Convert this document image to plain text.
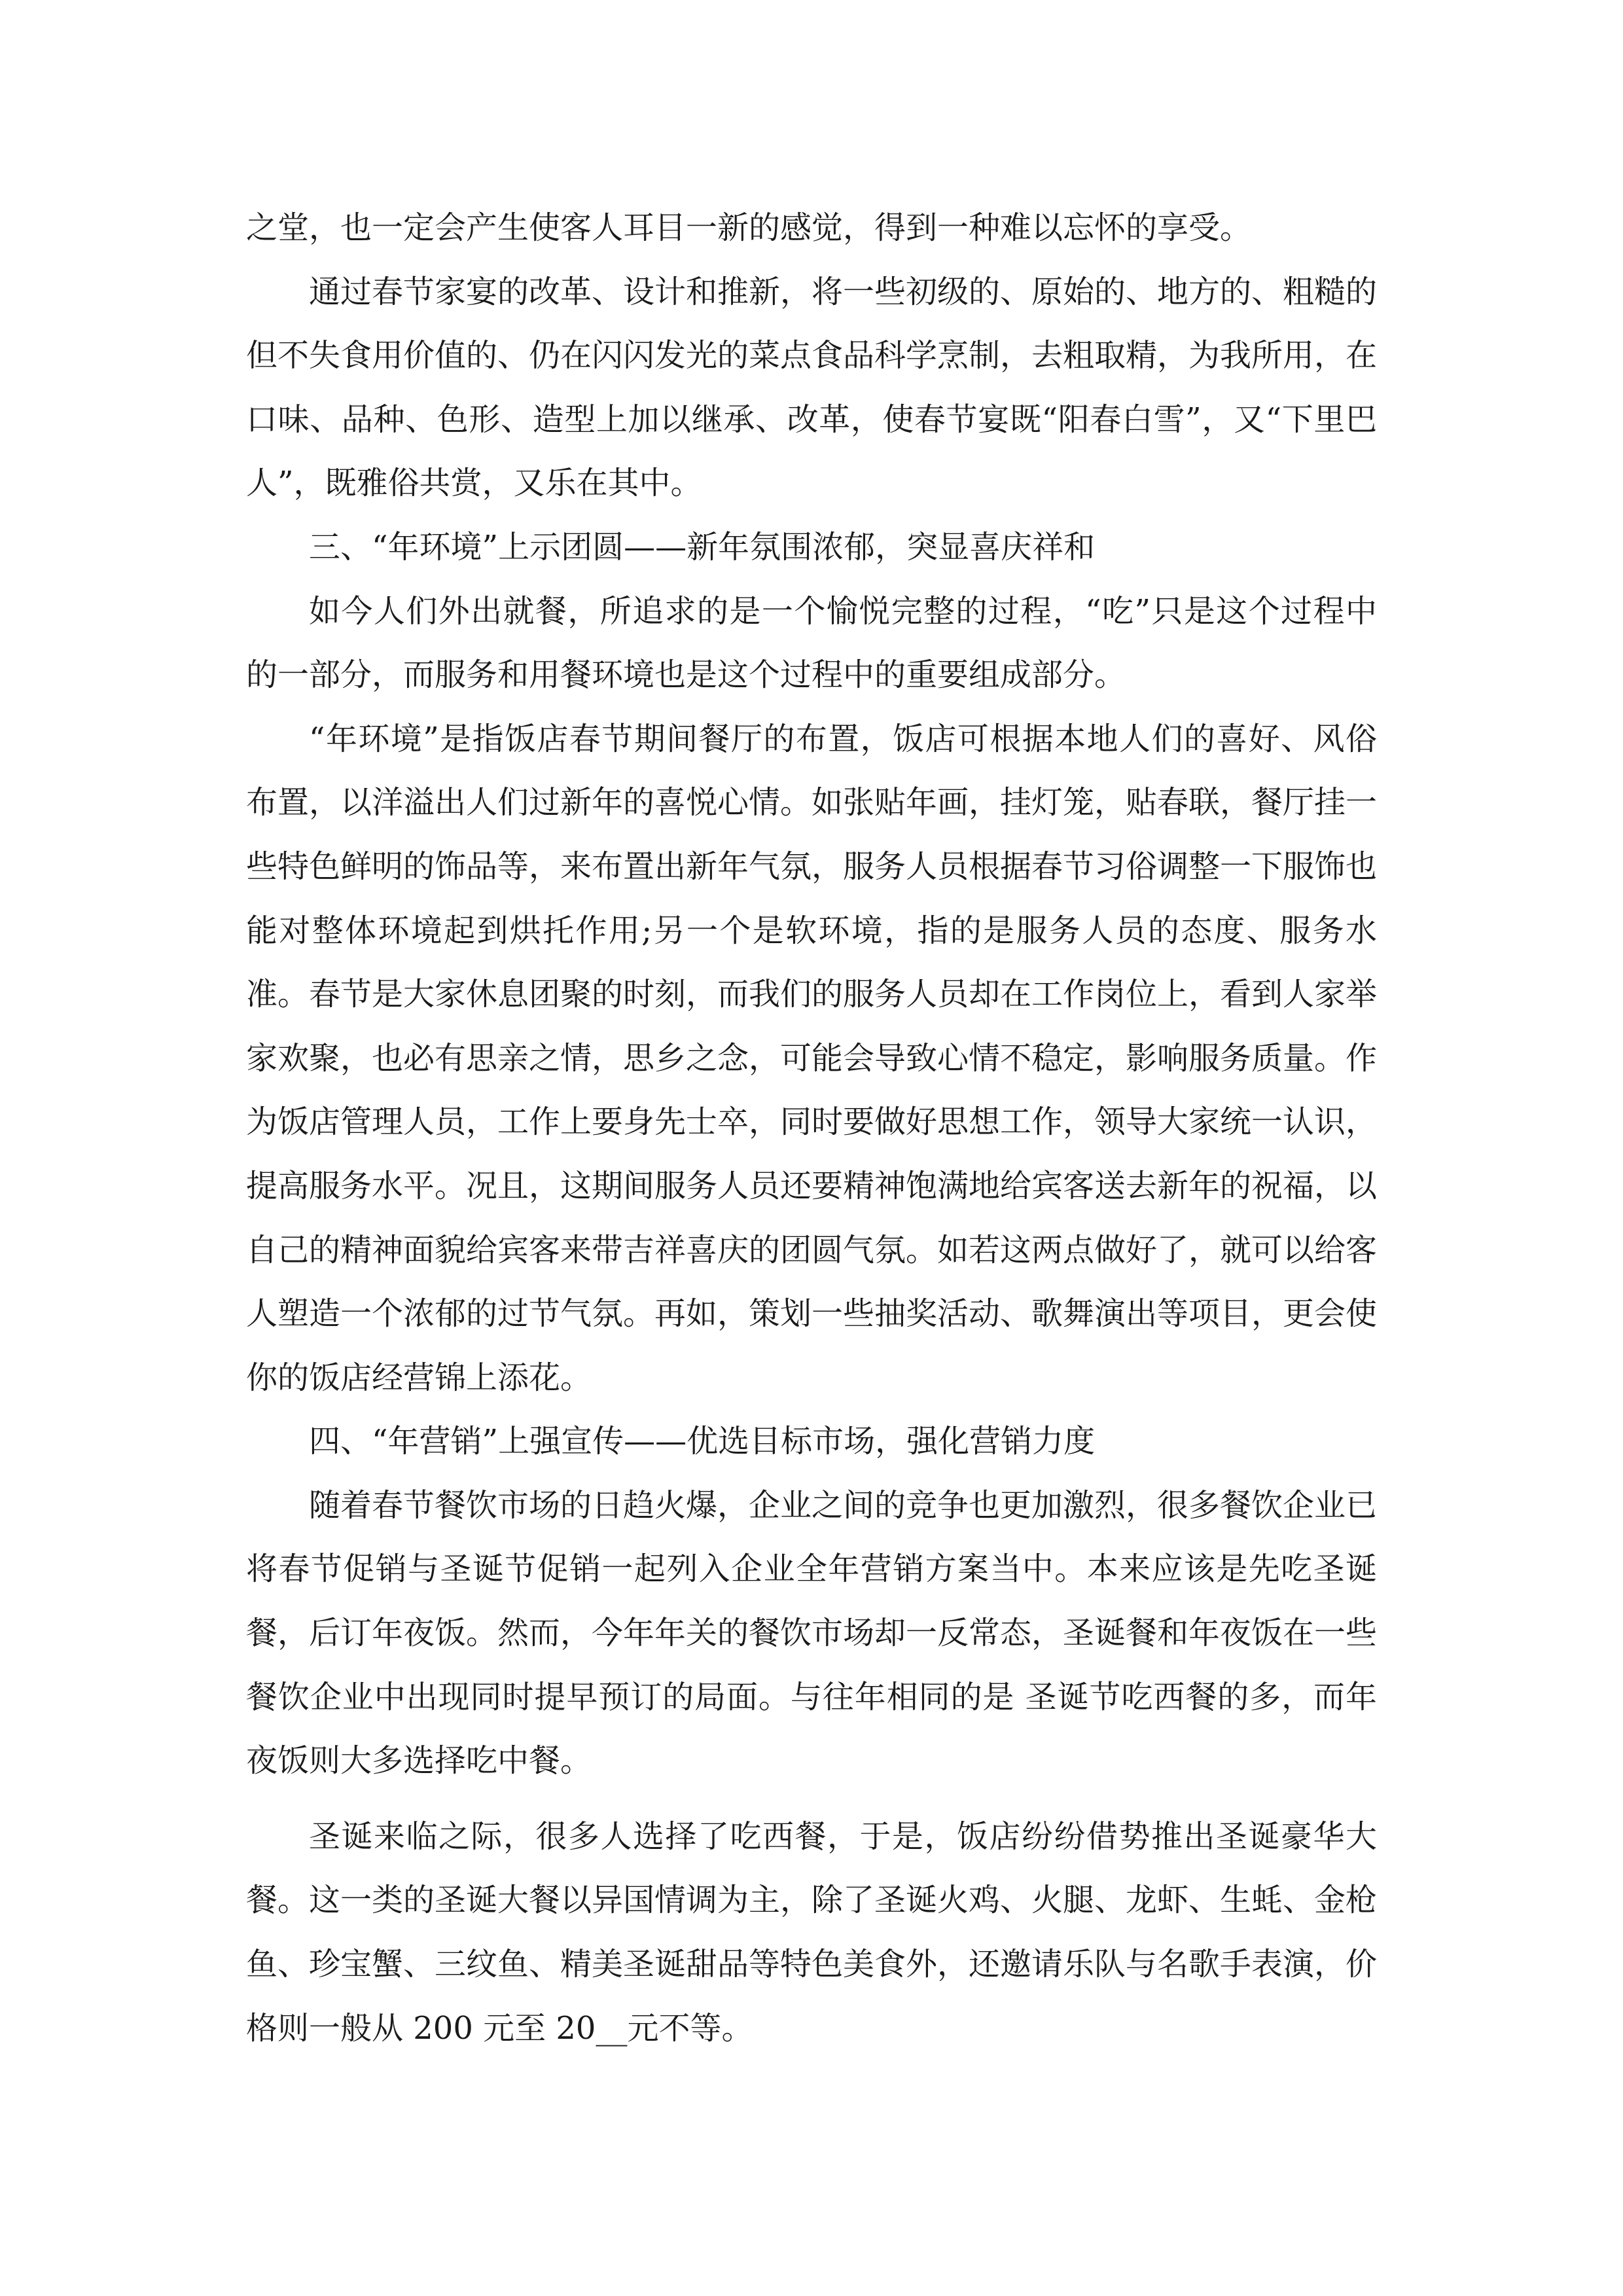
之堂，也一定会产生使客人耳目一新的感觉，得到一种难以忘怀的享受。

通过春节家宴的改革、设计和推新，将一些初级的、原始的、地方的、粗糙的但不失食用价值的、仍在闪闪发光的菜点食品科学烹制，去粗取精，为我所用，在口味、品种、色形、造型上加以继承、改革，使春节宴既“阳春白雪”，又“下里巴人”，既雅俗共赏，又乐在其中。

三、“年环境”上示团圆——新年氛围浓郁，突显喜庆祥和

如今人们外出就餐，所追求的是一个愉悦完整的过程，“吃”只是这个过程中的一部分，而服务和用餐环境也是这个过程中的重要组成部分。

“年环境”是指饭店春节期间餐厅的布置，饭店可根据本地人们的喜好、风俗布置，以洋溢出人们过新年的喜悦心情。如张贴年画，挂灯笼，贴春联，餐厅挂一些特色鲜明的饰品等，来布置出新年气氛，服务人员根据春节习俗调整一下服饰也能对整体环境起到烘托作用;另一个是软环境，指的是服务人员的态度、服务水准。春节是大家休息团聚的时刻，而我们的服务人员却在工作岗位上，看到人家举家欢聚，也必有思亲之情，思乡之念，可能会导致心情不稳定，影响服务质量。作为饭店管理人员，工作上要身先士卒，同时要做好思想工作，领导大家统一认识，提高服务水平。况且，这期间服务人员还要精神饱满地给宾客送去新年的祝福，以自己的精神面貌给宾客来带吉祥喜庆的团圆气氛。如若这两点做好了，就可以给客人塑造一个浓郁的过节气氛。再如，策划一些抽奖活动、歌舞演出等项目，更会使你的饭店经营锦上添花。

四、“年营销”上强宣传——优选目标市场，强化营销力度

随着春节餐饮市场的日趋火爆，企业之间的竞争也更加激烈，很多餐饮企业已将春节促销与圣诞节促销一起列入企业全年营销方案当中。本来应该是先吃圣诞餐，后订年夜饭。然而，今年年关的餐饮市场却一反常态，圣诞餐和年夜饭在一些餐饮企业中出现同时提早预订的局面。与往年相同的是 圣诞节吃西餐的多，而年夜饭则大多选择吃中餐。

圣诞来临之际，很多人选择了吃西餐，于是，饭店纷纷借势推出圣诞豪华大餐。这一类的圣诞大餐以异国情调为主，除了圣诞火鸡、火腿、龙虾、生蚝、金枪鱼、珍宝蟹、三纹鱼、精美圣诞甜品等特色美食外，还邀请乐队与名歌手表演，价格则一般从 200 元至 20__元不等。
